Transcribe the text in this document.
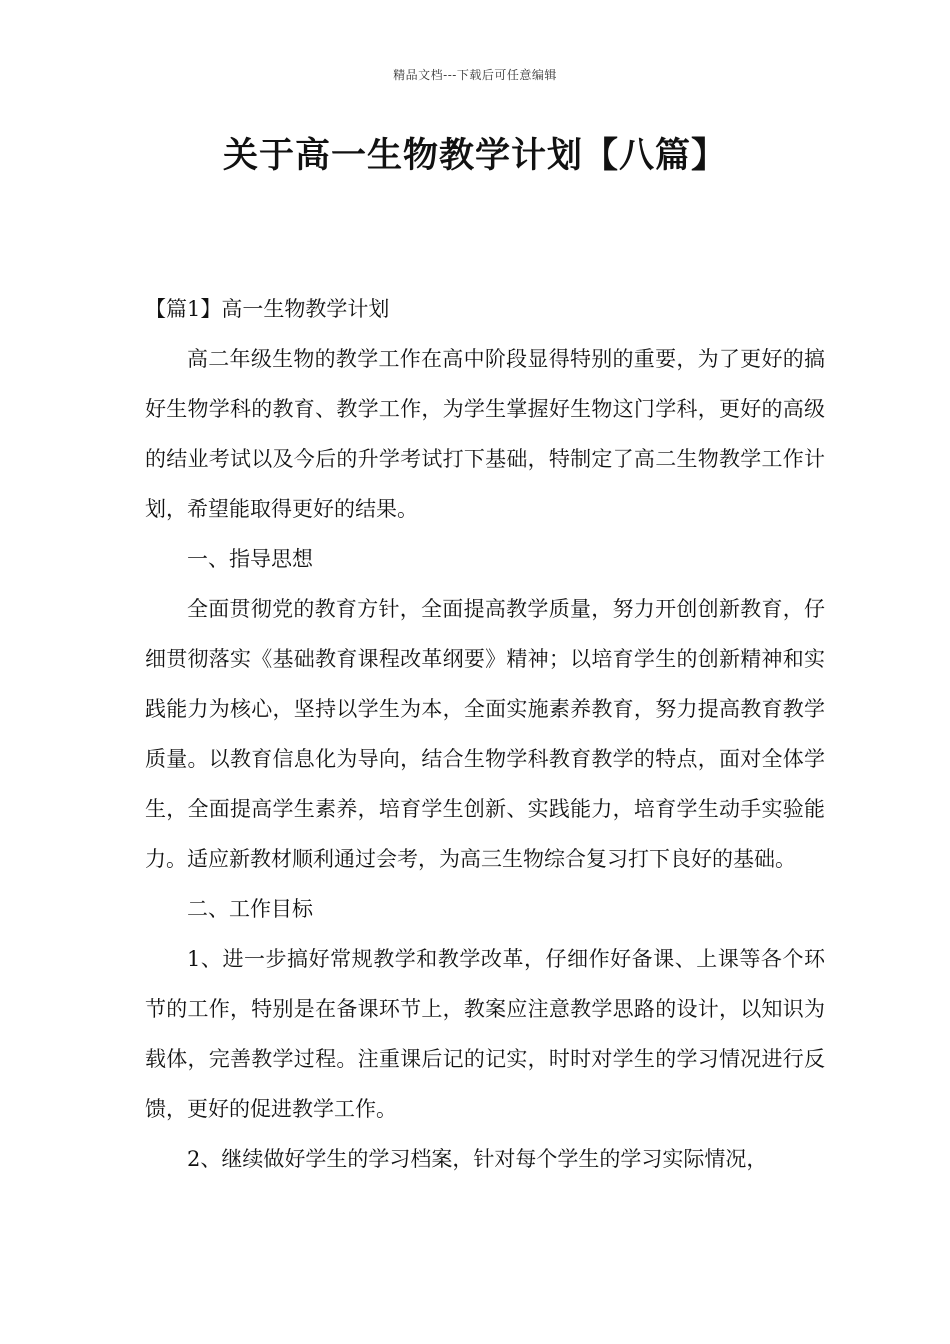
精品文档---下载后可任意编辑
关于高一生物教学计划【八篇】

【篇1】高一生物教学计划

高二年级生物的教学工作在高中阶段显得特别的重要，为了更好的搞好生物学科的教育、教学工作，为学生掌握好生物这门学科，更好的高级的结业考试以及今后的升学考试打下基础，特制定了高二生物教学工作计划，希望能取得更好的结果。

一、指导思想

全面贯彻党的教育方针，全面提高教学质量，努力开创创新教育，仔细贯彻落实《基础教育课程改革纲要》精神；以培育学生的创新精神和实践能力为核心，坚持以学生为本，全面实施素养教育，努力提高教育教学质量。以教育信息化为导向，结合生物学科教育教学的特点，面对全体学生，全面提高学生素养，培育学生创新、实践能力，培育学生动手实验能力。适应新教材顺利通过会考，为高三生物综合复习打下良好的基础。

二、工作目标

1、进一步搞好常规教学和教学改革，仔细作好备课、上课等各个环节的工作，特别是在备课环节上，教案应注意教学思路的设计，以知识为载体，完善教学过程。注重课后记的记实，时时对学生的学习情况进行反馈，更好的促进教学工作。

2、继续做好学生的学习档案，针对每个学生的学习实际情况，
